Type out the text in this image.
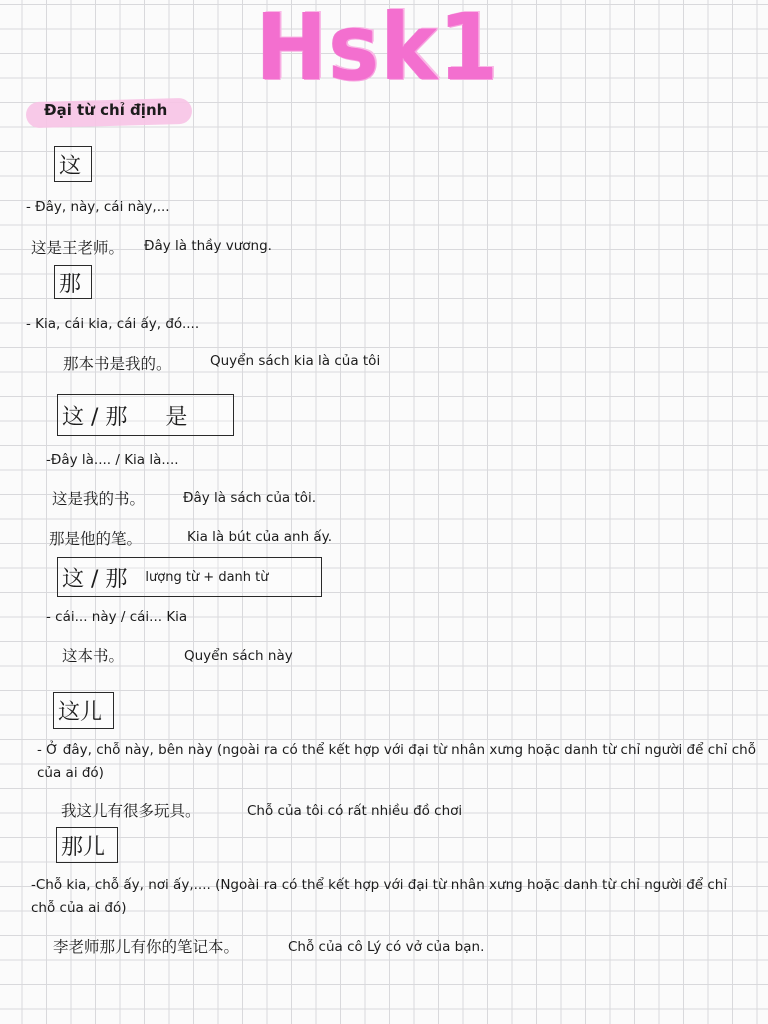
Hsk1
Đại từ chỉ định
这
- Đây, này, cái này,...
这是王老师。 Đây là thầy vương.
那
- Kia, cái kia, cái ấy, đó....
那本书是我的。	Quyển sách kia là của tôi
这 / 那 是
-Đây là.... / Kia là....
这是我的书。	Đây là sách của tôi.
那是他的笔。	Kia là bút của anh ấy.
这 / 那 lượng từ + danh từ
- cái... này / cái... Kia
这本书。	Quyển sách này
这儿
- Ở đây, chỗ này, bên này (ngoài ra có thể kết hợp với đại từ nhân xưng hoặc danh từ chỉ người để chỉ chỗ của ai đó)
我这儿有很多玩具。	Chỗ của tôi có rất nhiều đồ chơi
那儿
-Chỗ kia, chỗ ấy, nơi ấy,.... (Ngoài ra có thể kết hợp với đại từ nhân xưng hoặc danh từ chỉ người để chỉ chỗ của ai đó)
李老师那儿有你的笔记本。	Chỗ của cô Lý có vở của bạn.
